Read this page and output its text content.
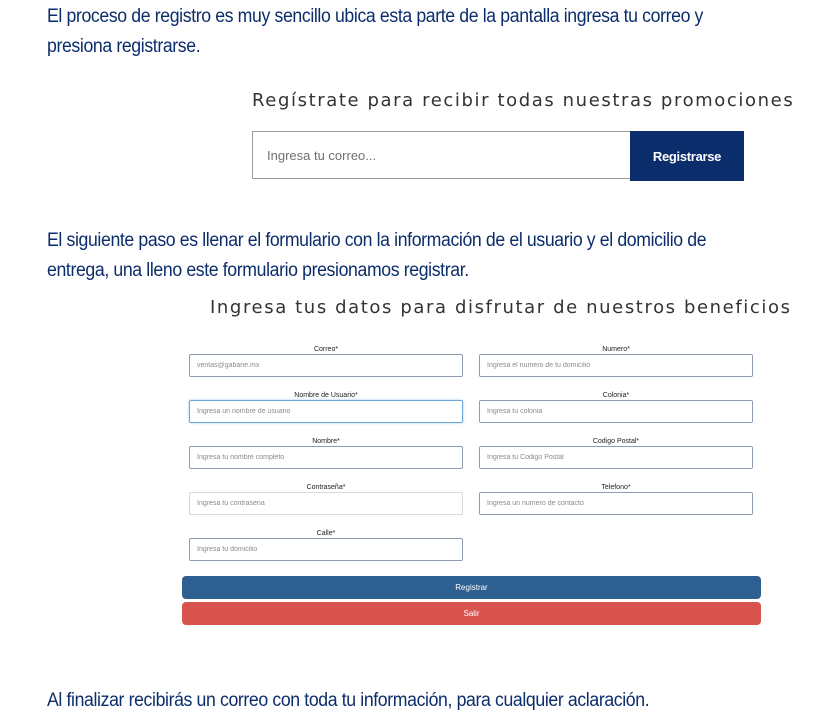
El proceso de registro es muy sencillo ubica esta parte de la pantalla ingresa tu correo y presiona registrarse.
Regístrate para recibir todas nuestras promociones
Ingresa tu correo...
Registrarse
El siguiente paso es llenar el formulario con la información de el usuario y el domicilio de entrega, una lleno este formulario presionamos registrar.
Ingresa tus datos para disfrutar de nuestros beneficios
Correo*
ventas@gabane.mx
Nombre de Usuario*
Ingresa un nombre de usuario
Nombre*
Ingresa tu nombre completo
Contraseña*
Ingresa tu contrasena
Calle*
Ingresa tu domicilio
Numero*
Ingresa el numero de tu domicilio
Colonia*
Ingresa tu colonia
Codigo Postal*
Ingresa tu Codigo Postal
Telefono*
Ingresa un numero de contacto
Registrar
Salir
Al finalizar recibirás un correo con toda tu información, para cualquier aclaración.
